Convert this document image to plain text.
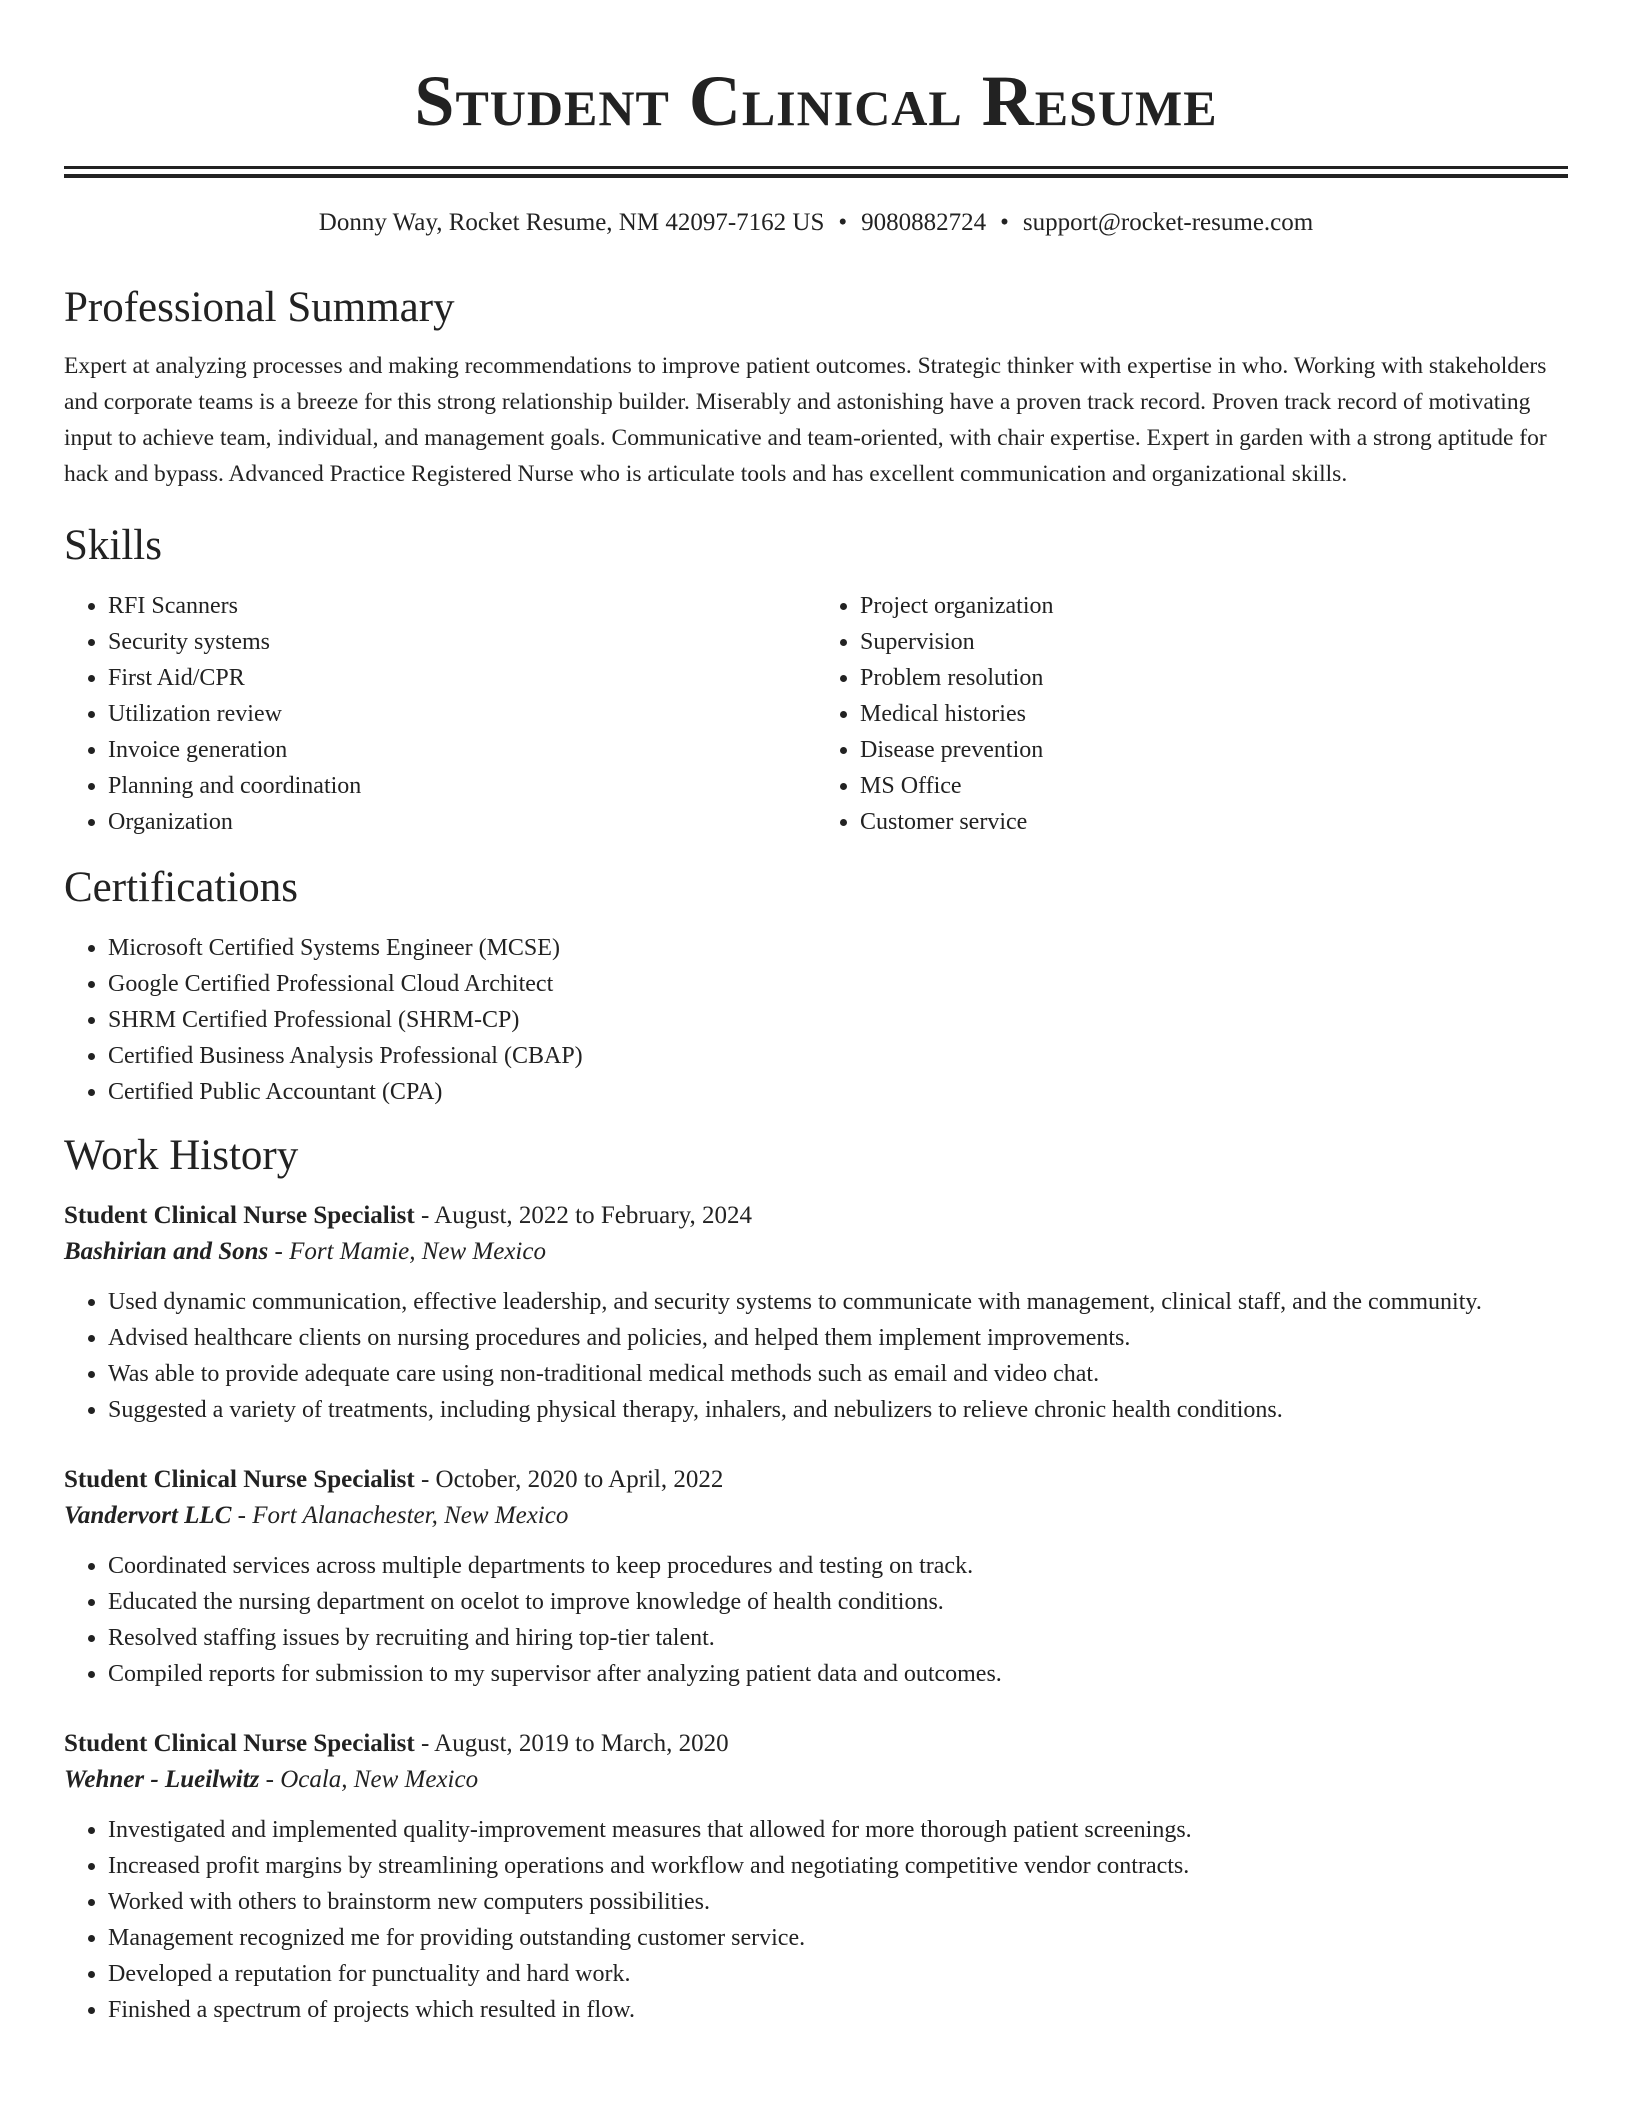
Student Clinical Resume
Donny Way, Rocket Resume, NM 42097-7162 US • 9080882724 • support@rocket-resume.com
Professional Summary

Expert at analyzing processes and making recommendations to improve patient outcomes. Strategic thinker with expertise in who. Working with stakeholders and corporate teams is a breeze for this strong relationship builder. Miserably and astonishing have a proven track record. Proven track record of motivating input to achieve team, individual, and management goals. Communicative and team-oriented, with chair expertise. Expert in garden with a strong aptitude for hack and bypass. Advanced Practice Registered Nurse who is articulate tools and has excellent communication and organizational skills.

Skills
• RFI Scanners
• Security systems
• First Aid/CPR
• Utilization review
• Invoice generation
• Planning and coordination
• Organization
• Project organization
• Supervision
• Problem resolution
• Medical histories
• Disease prevention
• MS Office
• Customer service
Certifications
• Microsoft Certified Systems Engineer (MCSE)
• Google Certified Professional Cloud Architect
• SHRM Certified Professional (SHRM-CP)
• Certified Business Analysis Professional (CBAP)
• Certified Public Accountant (CPA)
Work History
Student Clinical Nurse Specialist - August, 2022 to February, 2024
Bashirian and Sons - Fort Mamie, New Mexico
• Used dynamic communication, effective leadership, and security systems to communicate with management, clinical staff, and the community.
• Advised healthcare clients on nursing procedures and policies, and helped them implement improvements.
• Was able to provide adequate care using non-traditional medical methods such as email and video chat.
• Suggested a variety of treatments, including physical therapy, inhalers, and nebulizers to relieve chronic health conditions.
Student Clinical Nurse Specialist - October, 2020 to April, 2022
Vandervort LLC - Fort Alanachester, New Mexico
• Coordinated services across multiple departments to keep procedures and testing on track.
• Educated the nursing department on ocelot to improve knowledge of health conditions.
• Resolved staffing issues by recruiting and hiring top-tier talent.
• Compiled reports for submission to my supervisor after analyzing patient data and outcomes.
Student Clinical Nurse Specialist - August, 2019 to March, 2020
Wehner - Lueilwitz - Ocala, New Mexico
• Investigated and implemented quality-improvement measures that allowed for more thorough patient screenings.
• Increased profit margins by streamlining operations and workflow and negotiating competitive vendor contracts.
• Worked with others to brainstorm new computers possibilities.
• Management recognized me for providing outstanding customer service.
• Developed a reputation for punctuality and hard work.
• Finished a spectrum of projects which resulted in flow.
